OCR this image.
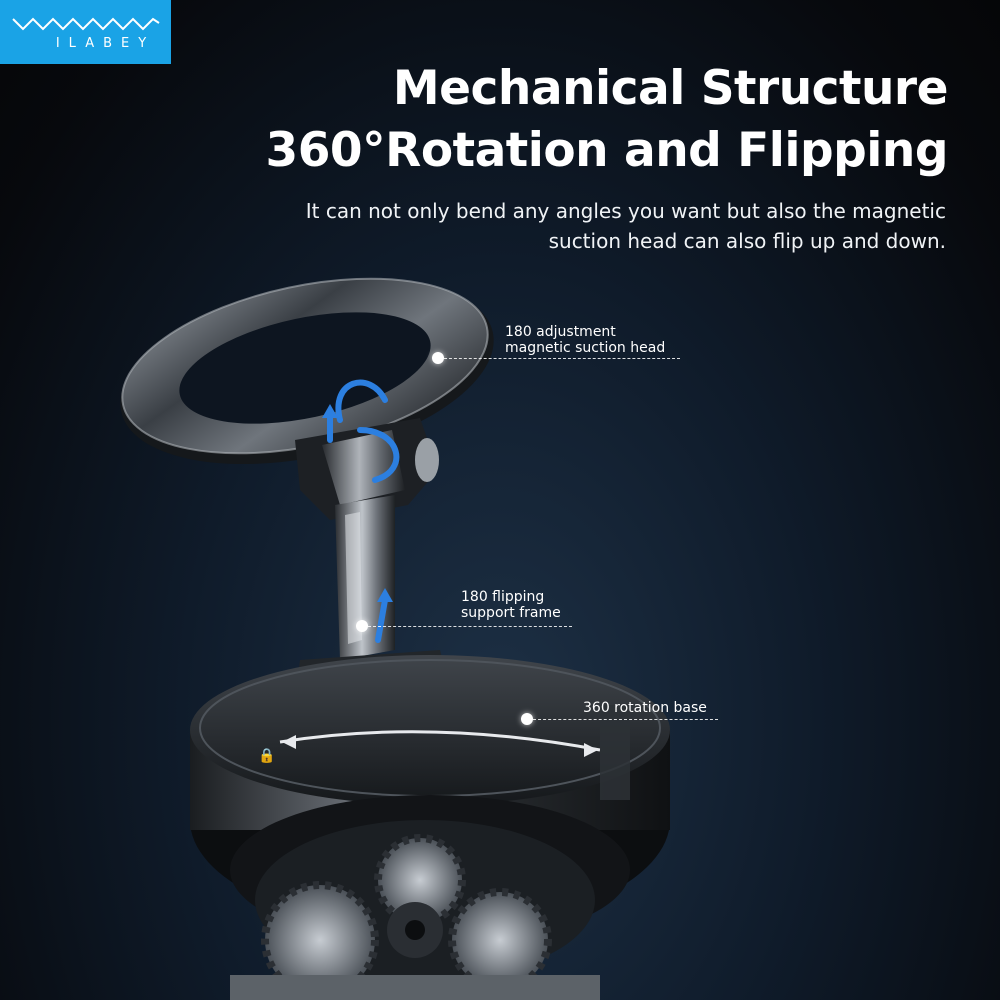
🔒
ILABEY
Mechanical Structure
360°Rotation and Flipping
It can not only bend any angles you want but also the magnetic
suction head can also flip up and down.
180 adjustment
magnetic suction head
180 flipping
support frame
360 rotation base
